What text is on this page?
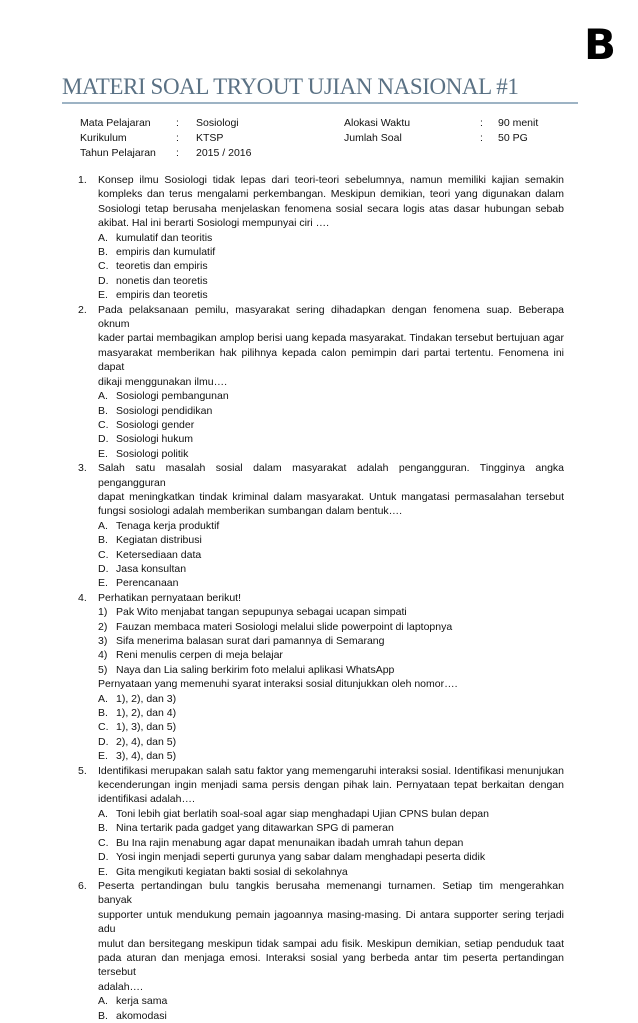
B
MATERI SOAL TRYOUT UJIAN NASIONAL #1
Mata Pelajaran	:	Sosiologi	Alokasi Waktu	:	90 menit
Kurikulum	:	KTSP	Jumlah Soal	:	50 PG
Tahun Pelajaran	:	2015 / 2016
1. Konsep ilmu Sosiologi tidak lepas dari teori-teori sebelumnya, namun memiliki kajian semakin
kompleks dan terus mengalami perkembangan. Meskipun demikian, teori yang digunakan dalam
Sosiologi tetap berusaha menjelaskan fenomena sosial secara logis atas dasar hubungan sebab
akibat. Hal ini berarti Sosiologi mempunyai ciri ….
A. kumulatif dan teoritis
B. empiris dan kumulatif
C. teoretis dan empiris
D. nonetis dan teoretis
E. empiris dan teoretis
2. Pada pelaksanaan pemilu, masyarakat sering dihadapkan dengan fenomena suap. Beberapa oknum
kader partai membagikan amplop berisi uang kepada masyarakat. Tindakan tersebut bertujuan agar
masyarakat memberikan hak pilihnya kepada calon pemimpin dari partai tertentu. Fenomena ini dapat
dikaji menggunakan ilmu….
A. Sosiologi pembangunan
B. Sosiologi pendidikan
C. Sosiologi gender
D. Sosiologi hukum
E. Sosiologi politik
3. Salah satu masalah sosial dalam masyarakat adalah pengangguran. Tingginya angka pengangguran
dapat meningkatkan tindak kriminal dalam masyarakat. Untuk mangatasi permasalahan tersebut
fungsi sosiologi adalah memberikan sumbangan dalam bentuk….
A. Tenaga kerja produktif
B. Kegiatan distribusi
C. Ketersediaan data
D. Jasa konsultan
E. Perencanaan
4. Perhatikan pernyataan berikut!
1) Pak Wito menjabat tangan sepupunya sebagai ucapan simpati
2) Fauzan membaca materi Sosiologi melalui slide powerpoint di laptopnya
3) Sifa menerima balasan surat dari pamannya di Semarang
4) Reni menulis cerpen di meja belajar
5) Naya dan Lia saling berkirim foto melalui aplikasi WhatsApp
Pernyataan yang memenuhi syarat interaksi sosial ditunjukkan oleh nomor….
A. 1), 2), dan 3)
B. 1), 2), dan 4)
C. 1), 3), dan 5)
D. 2), 4), dan 5)
E. 3), 4), dan 5)
5. Identifikasi merupakan salah satu faktor yang memengaruhi interaksi sosial. Identifikasi menunjukan
kecenderungan ingin menjadi sama persis dengan pihak lain. Pernyataan tepat berkaitan dengan
identifikasi adalah….
A. Toni lebih giat berlatih soal-soal agar siap menghadapi Ujian CPNS bulan depan
B. Nina tertarik pada gadget yang ditawarkan SPG di pameran
C. Bu Ina rajin menabung agar dapat menunaikan ibadah umrah tahun depan
D. Yosi ingin menjadi seperti gurunya yang sabar dalam menghadapi peserta didik
E. Gita mengikuti kegiatan bakti sosial di sekolahnya
6. Peserta pertandingan bulu tangkis berusaha memenangi turnamen. Setiap tim mengerahkan banyak
supporter untuk mendukung pemain jagoannya masing-masing. Di antara supporter sering terjadi adu
mulut dan bersitegang meskipun tidak sampai adu fisik. Meskipun demikian, setiap penduduk taat
pada aturan dan menjaga emosi. Interaksi sosial yang berbeda antar tim peserta pertandingan tersebut
adalah….
A. kerja sama
B. akomodasi
